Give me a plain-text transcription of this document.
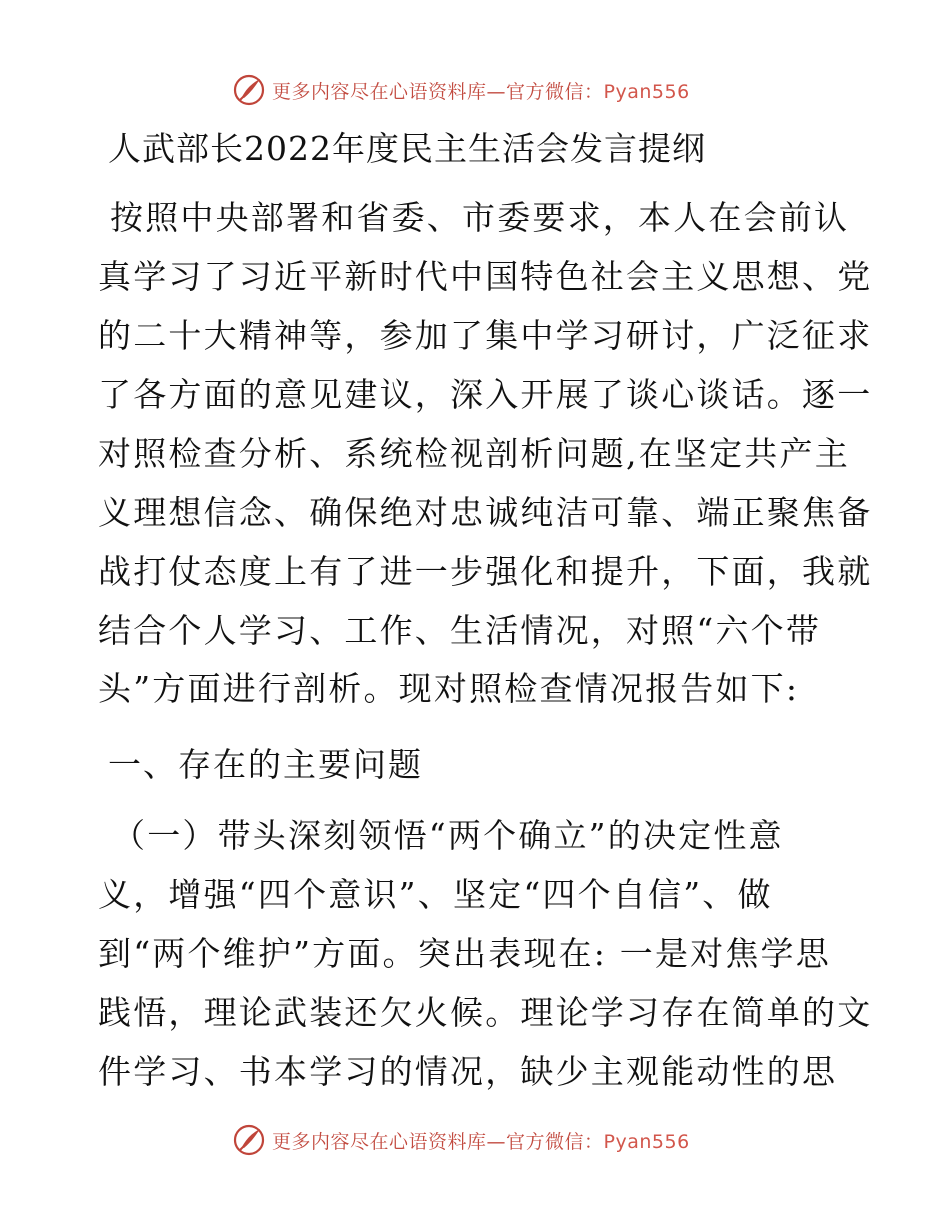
更多内容尽在心语资料库—官方微信：Pyan556
人武部长2022年度民主生活会发言提纲
按照中央部署和省委、市委要求，本人在会前认
真学习了习近平新时代中国特色社会主义思想、党
的二十大精神等，参加了集中学习研讨，广泛征求
了各方面的意见建议，深入开展了谈心谈话。逐一
对照检查分析、系统检视剖析问题,在坚定共产主
义理想信念、确保绝对忠诚纯洁可靠、端正聚焦备
战打仗态度上有了进一步强化和提升，下面，我就
结合个人学习、工作、生活情况，对照“六个带
头”方面进行剖析。现对照检查情况报告如下:
一、存在的主要问题
（一）带头深刻领悟“两个确立”的决定性意
义，增强“四个意识”、坚定“四个自信”、做
到“两个维护”方面。突出表现在: 一是对焦学思
践悟，理论武装还欠火候。理论学习存在简单的文
件学习、书本学习的情况，缺少主观能动性的思
更多内容尽在心语资料库—官方微信：Pyan556
